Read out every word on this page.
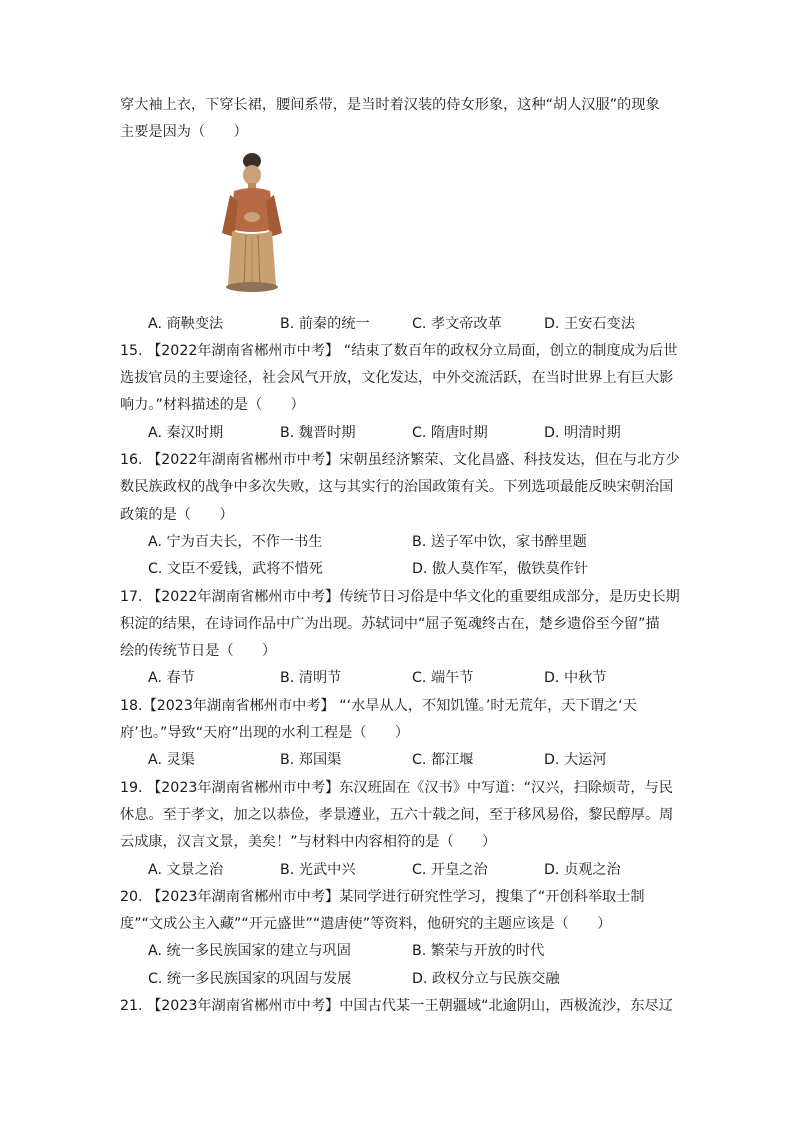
穿大袖上衣，下穿长裙，腰间系带，是当时着汉装的侍女形象，这种“胡人汉服”的现象
主要是因为（　　）
A. 商鞅变法	B. 前秦的统一	C. 孝文帝改革	D. 王安石变法
15. 【2022年湖南省郴州市中考】 “结束了数百年的政权分立局面，创立的制度成为后世
选拔官员的主要途径，社会风气开放，文化发达，中外交流活跃，在当时世界上有巨大影
响力。”材料描述的是（　　）
A. 秦汉时期	B. 魏晋时期	C. 隋唐时期	D. 明清时期
16. 【2022年湖南省郴州市中考】宋朝虽经济繁荣、文化昌盛、科技发达，但在与北方少
数民族政权的战争中多次失败，这与其实行的治国政策有关。下列选项最能反映宋朝治国
政策的是（　　）
A. 宁为百夫长，不作一书生	B. 送子军中饮，家书醉里题
C. 文臣不爱钱，武将不惜死	D. 傲人莫作军，傲铁莫作针
17. 【2022年湖南省郴州市中考】传统节日习俗是中华文化的重要组成部分，是历史长期
积淀的结果，在诗词作品中广为出现。苏轼词中“屈子冤魂终古在，楚乡遗俗至今留”描
绘的传统节日是（　　）
A. 春节	B. 清明节	C. 端午节	D. 中秋节
18.【2023年湖南省郴州市中考】 “‘水旱从人，不知饥馑。’时无荒年，天下谓之‘天
府’也。”导致“天府”出现的水利工程是（　　）
A. 灵渠	B. 郑国渠	C. 都江堰	D. 大运河
19. 【2023年湖南省郴州市中考】东汉班固在《汉书》中写道：“汉兴，扫除烦苛，与民
休息。至于孝文，加之以恭俭，孝景遵业，五六十载之间，至于移风易俗，黎民醇厚。周
云成康，汉言文景，美矣！”与材料中内容相符的是（　　）
A. 文景之治	B. 光武中兴	C. 开皇之治	D. 贞观之治
20. 【2023年湖南省郴州市中考】某同学进行研究性学习，搜集了“开创科举取士制
度”“文成公主入藏”“开元盛世”“遣唐使”等资料，他研究的主题应该是（　　）
A. 统一多民族国家的建立与巩固	B. 繁荣与开放的时代
C. 统一多民族国家的巩固与发展	D. 政权分立与民族交融
21. 【2023年湖南省郴州市中考】中国古代某一王朝疆域“北逾阴山，西极流沙，东尽辽
